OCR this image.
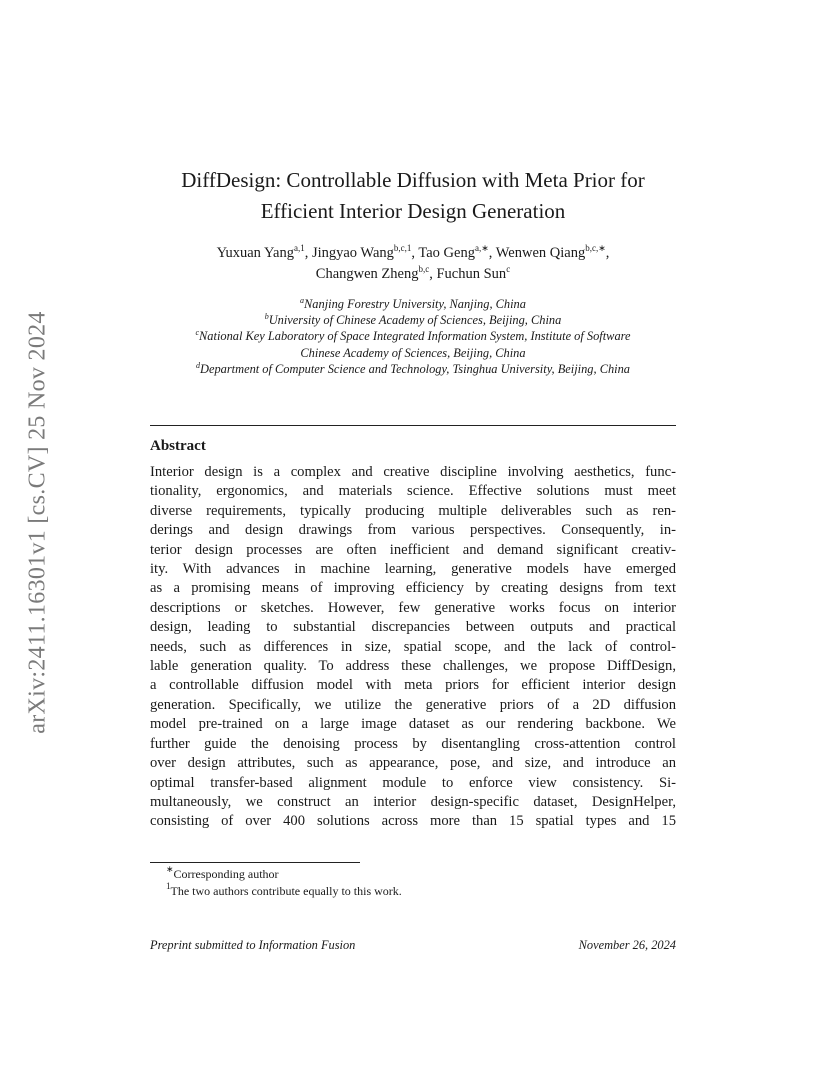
arXiv:2411.16301v1 [cs.CV] 25 Nov 2024
DiffDesign: Controllable Diffusion with Meta Prior for
Efficient Interior Design Generation
Yuxuan Yang$^{a,1}$, Jingyao Wang$^{b,c,1}$, Tao Geng$^{a,∗}$, Wenwen Qiang$^{b,c,∗}$,
Changwen Zheng$^{b,c}$, Fuchun Sun$^c$
$^a$Nanjing Forestry University, Nanjing, China
$^b$University of Chinese Academy of Sciences, Beijing, China
$^c$National Key Laboratory of Space Integrated Information System, Institute of Software
Chinese Academy of Sciences, Beijing, China
$^d$Department of Computer Science and Technology, Tsinghua University, Beijing, China
Abstract
Interior design is a complex and creative discipline involving aesthetics, func-
tionality, ergonomics, and materials science. Effective solutions must meet
diverse requirements, typically producing multiple deliverables such as ren-
derings and design drawings from various perspectives. Consequently, in-
terior design processes are often inefficient and demand significant creativ-
ity. With advances in machine learning, generative models have emerged
as a promising means of improving efficiency by creating designs from text
descriptions or sketches. However, few generative works focus on interior
design, leading to substantial discrepancies between outputs and practical
needs, such as differences in size, spatial scope, and the lack of control-
lable generation quality. To address these challenges, we propose DiffDesign,
a controllable diffusion model with meta priors for efficient interior design
generation. Specifically, we utilize the generative priors of a 2D diffusion
model pre-trained on a large image dataset as our rendering backbone. We
further guide the denoising process by disentangling cross-attention control
over design attributes, such as appearance, pose, and size, and introduce an
optimal transfer-based alignment module to enforce view consistency. Si-
multaneously, we construct an interior design-specific dataset, DesignHelper,
consisting of over 400 solutions across more than 15 spatial types and 15
∗Corresponding author
$^1$The two authors contribute equally to this work.
Preprint submitted to Information Fusion	November 26, 2024
